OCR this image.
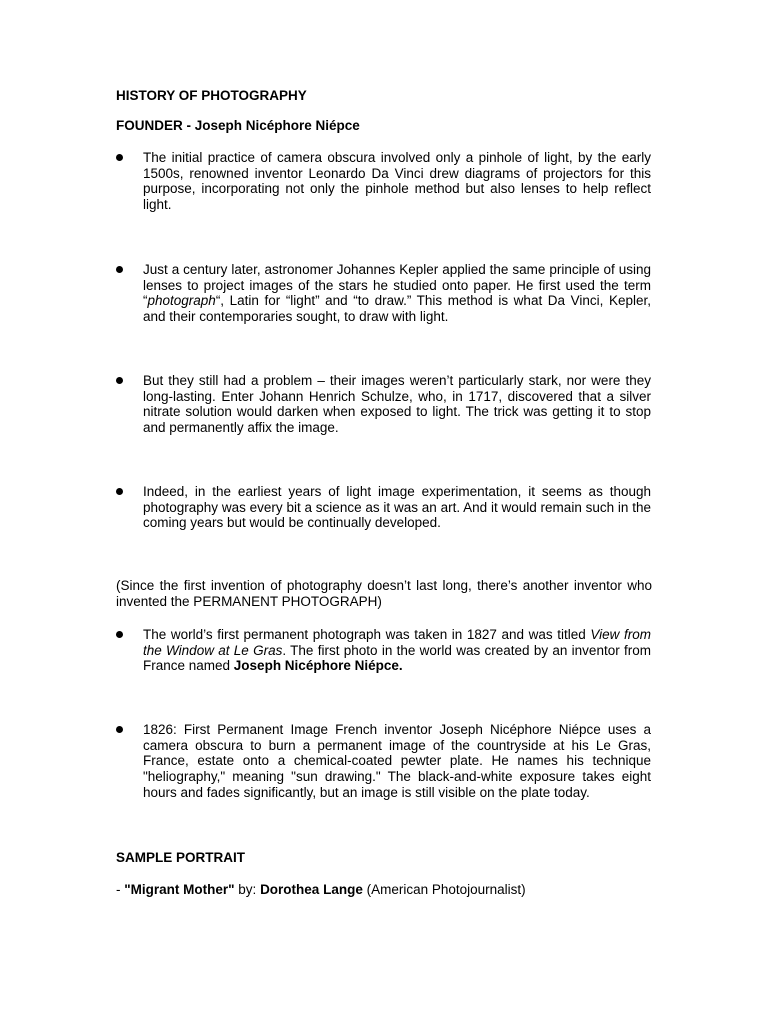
HISTORY OF PHOTOGRAPHY

FOUNDER - Joseph Nicéphore Niépce

The initial practice of camera obscura involved only a pinhole of light, by the early 1500s, renowned inventor Leonardo Da Vinci drew diagrams of projectors for this purpose, incorporating not only the pinhole method but also lenses to help reflect light.
Just a century later, astronomer Johannes Kepler applied the same principle of using lenses to project images of the stars he studied onto paper. He first used the term “photograph“, Latin for “light” and “to draw.” This method is what Da Vinci, Kepler, and their contemporaries sought, to draw with light.
But they still had a problem – their images weren’t particularly stark, nor were they long-lasting. Enter Johann Henrich Schulze, who, in 1717, discovered that a silver nitrate solution would darken when exposed to light. The trick was getting it to stop and permanently affix the image.
Indeed, in the earliest years of light image experimentation, it seems as though photography was every bit a science as it was an art. And it would remain such in the coming years but would be continually developed.
(Since the first invention of photography doesn’t last long, there’s another inventor who invented the PERMANENT PHOTOGRAPH)
The world’s first permanent photograph was taken in 1827 and was titled View from the Window at Le Gras. The first photo in the world was created by an inventor from France named Joseph Nicéphore Niépce.
1826: First Permanent Image French inventor Joseph Nicéphore Niépce uses a camera obscura to burn a permanent image of the countryside at his Le Gras, France, estate onto a chemical-coated pewter plate. He names his technique "heliography," meaning "sun drawing." The black-and-white exposure takes eight hours and fades significantly, but an image is still visible on the plate today.

SAMPLE PORTRAIT

- "Migrant Mother" by: Dorothea Lange (American Photojournalist)
